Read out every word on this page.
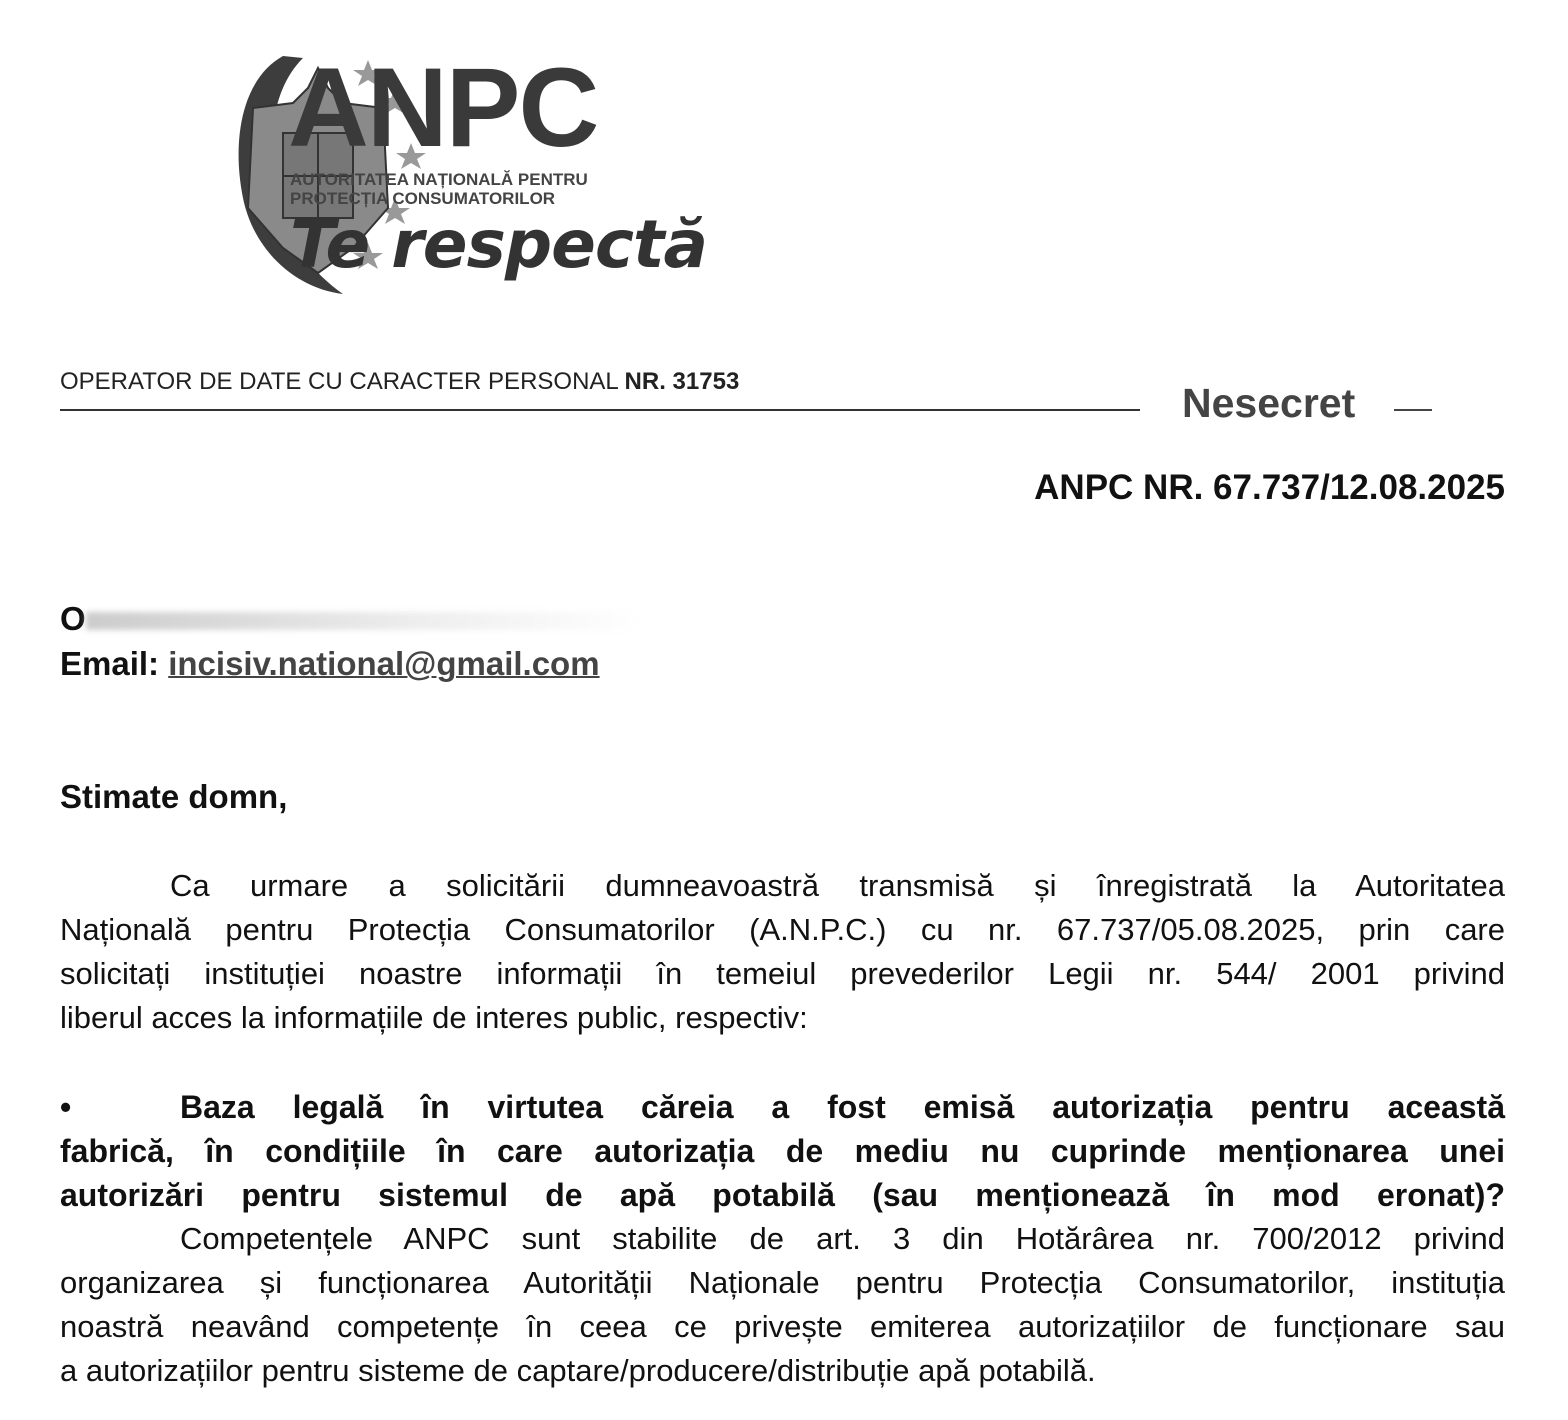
ANPC
AUTORITATEA NAȚIONALĂ PENTRU
PROTECȚIA CONSUMATORILOR
Te respectă
OPERATOR DE DATE CU CARACTER PERSONAL NR. 31753	Nesecret
ANPC NR. 67.737/12.08.2025
O
Email: incisiv.national@gmail.com
Stimate domn,
Ca urmare a solicitării dumneavoastră transmisă și înregistrată la Autoritatea
Națională pentru Protecția Consumatorilor (A.N.P.C.) cu nr. 67.737/05.08.2025, prin care
solicitați instituției noastre informații în temeiul prevederilor Legii nr. 544/ 2001 privind
liberul acces la informațiile de interes public, respectiv:
•	Baza legală în virtutea căreia a fost emisă autorizația pentru această
fabrică, în condițiile în care autorizația de mediu nu cuprinde menționarea unei
autorizări pentru sistemul de apă potabilă (sau menționează în mod eronat)?
Competențele ANPC sunt stabilite de art. 3 din Hotărârea nr. 700/2012 privind
organizarea și funcționarea Autorității Naționale pentru Protecția Consumatorilor, instituția
noastră neavând competențe în ceea ce privește emiterea autorizațiilor de funcționare sau
a autorizațiilor pentru sisteme de captare/producere/distribuție apă potabilă.
